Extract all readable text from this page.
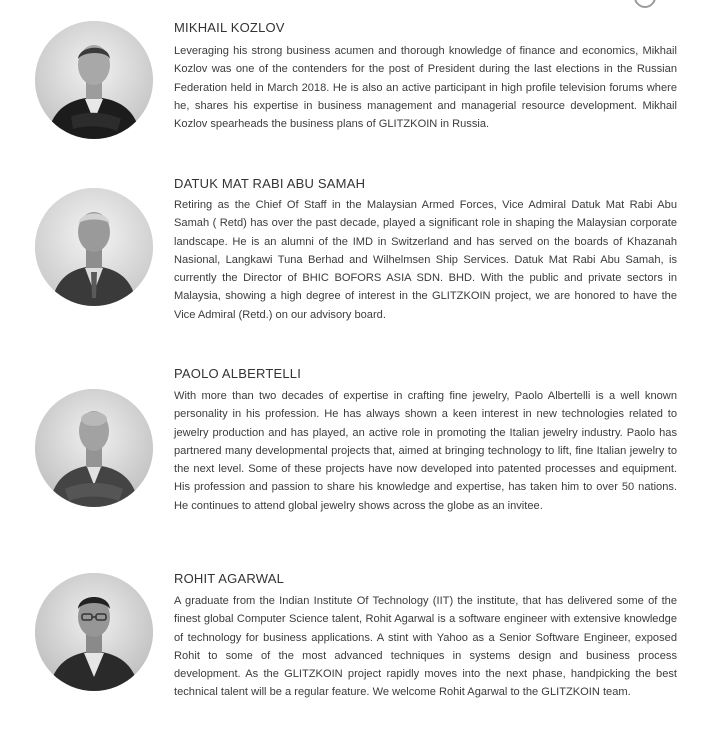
MIKHAIL KOZLOV

Leveraging his strong business acumen and thorough knowledge of finance and economics, Mikhail Kozlov was one of the contenders for the post of President during the last elections in the Russian Federation held in March 2018. He is also an active participant in high profile television forums where he, shares his expertise in business management and managerial resource development. Mikhail Kozlov spearheads the business plans of GLITZKOIN in Russia.

DATUK MAT RABI ABU SAMAH

Retiring as the Chief Of Staff in the Malaysian Armed Forces, Vice Admiral Datuk Mat Rabi Abu Samah ( Retd) has over the past decade, played a significant role in shaping the Malaysian corporate landscape. He is an alumni of the IMD in Switzerland and has served on the boards of Khazanah Nasional, Langkawi Tuna Berhad and Wilhelmsen Ship Services. Datuk Mat Rabi Abu Samah, is currently the Director of BHIC BOFORS ASIA SDN. BHD. With the public and private sectors in Malaysia, showing a high degree of interest in the GLITZKOIN project, we are honored to have the Vice Admiral (Retd.) on our advisory board.

PAOLO ALBERTELLI

With more than two decades of expertise in crafting fine jewelry, Paolo Albertelli is a well known personality in his profession. He has always shown a keen interest in new technologies related to jewelry production and has played, an active role in promoting the Italian jewelry industry. Paolo has partnered many developmental projects that, aimed at bringing technology to lift, fine Italian jewelry to the next level. Some of these projects have now developed into patented processes and equipment. His profession and passion to share his knowledge and expertise, has taken him to over 50 nations. He continues to attend global jewelry shows across the globe as an invitee.

ROHIT AGARWAL

A graduate from the Indian Institute Of Technology (IIT) the institute, that has delivered some of the finest global Computer Science talent, Rohit Agarwal is a software engineer with extensive knowledge of technology for business applications. A stint with Yahoo as a Senior Software Engineer, exposed Rohit to some of the most advanced techniques in systems design and business process development. As the GLITZKOIN project rapidly moves into the next phase, handpicking the best technical talent will be a regular feature. We welcome Rohit Agarwal to the GLITZKOIN team.
